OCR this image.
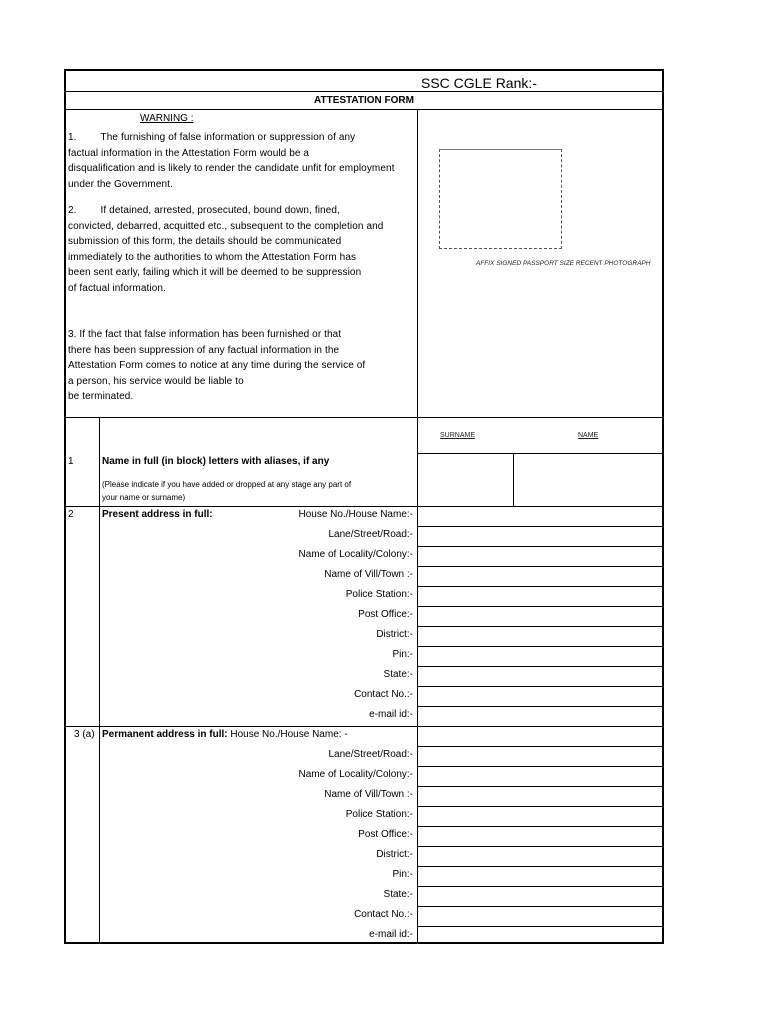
SSC CGLE Rank:-
ATTESTATION FORM
WARNING :
1. The furnishing of false information or suppression of any
factual information in the Attestation Form would be a
disqualification and is likely to render the candidate unfit for employment
under the Government.
2. If detained, arrested, prosecuted, bound down, fined,
convicted, debarred, acquitted etc., subsequent to the completion and
submission of this form, the details should be communicated
immediately to the authorities to whom the Attestation Form has
been sent early, failing which it will be deemed to be suppression
of factual information.
3. If the fact that false information has been furnished or that
there has been suppression of any factual information in the
Attestation Form comes to notice at any time during the service of
a person, his service would be liable to
be terminated.
AFFIX SIGNED PASSPORT SIZE RECENT PHOTOGRAPH
SURNAME	NAME
1	Name in full (in block) letters with aliases, if any
(Please indicate if you have added or dropped at any stage any part of
your name or surname)
2	Present address in full:	House No./House Name:-
Lane/Street/Road:-
Name of Locality/Colony:-
Name of Vill/Town :-
Police Station:-
Post Office:-
District:-
Pin:-
State:-
Contact No.:-
e-mail id:-
3 (a) Permanent address in full: House No./House Name: -
Lane/Street/Road:-
Name of Locality/Colony:-
Name of Vill/Town :-
Police Station:-
Post Office:-
District:-
Pin:-
State:-
Contact No.:-
e-mail id:-
